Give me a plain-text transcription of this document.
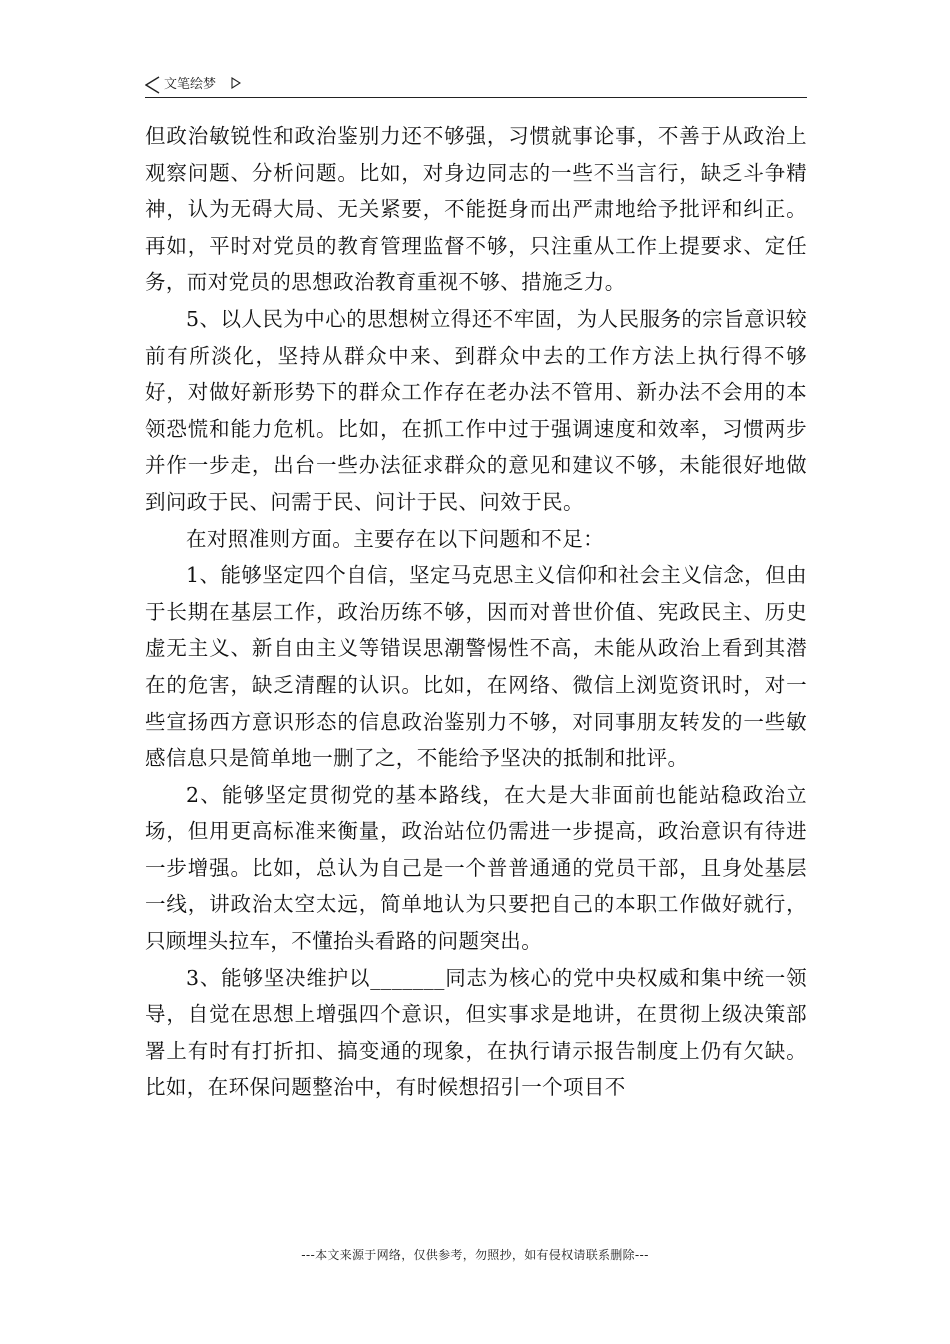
文笔绘梦

但政治敏锐性和政治鉴别力还不够强，习惯就事论事，不善于从政治上观察问题、分析问题。比如，对身边同志的一些不当言行，缺乏斗争精神，认为无碍大局、无关紧要，不能挺身而出严肃地给予批评和纠正。再如，平时对党员的教育管理监督不够，只注重从工作上提要求、定任务，而对党员的思想政治教育重视不够、措施乏力。

5、以人民为中心的思想树立得还不牢固，为人民服务的宗旨意识较前有所淡化，坚持从群众中来、到群众中去的工作方法上执行得不够好，对做好新形势下的群众工作存在老办法不管用、新办法不会用的本领恐慌和能力危机。比如，在抓工作中过于强调速度和效率，习惯两步并作一步走，出台一些办法征求群众的意见和建议不够，未能很好地做到问政于民、问需于民、问计于民、问效于民。

在对照准则方面。主要存在以下问题和不足：

1、能够坚定四个自信，坚定马克思主义信仰和社会主义信念，但由于长期在基层工作，政治历练不够，因而对普世价值、宪政民主、历史虚无主义、新自由主义等错误思潮警惕性不高，未能从政治上看到其潜在的危害，缺乏清醒的认识。比如，在网络、微信上浏览资讯时，对一些宣扬西方意识形态的信息政治鉴别力不够，对同事朋友转发的一些敏感信息只是简单地一删了之，不能给予坚决的抵制和批评。

2、能够坚定贯彻党的基本路线，在大是大非面前也能站稳政治立场，但用更高标准来衡量，政治站位仍需进一步提高，政治意识有待进一步增强。比如，总认为自己是一个普普通通的党员干部，且身处基层一线，讲政治太空太远，简单地认为只要把自己的本职工作做好就行，只顾埋头拉车，不懂抬头看路的问题突出。

3、能够坚决维护以_______同志为核心的党中央权威和集中统一领导，自觉在思想上增强四个意识，但实事求是地讲，在贯彻上级决策部署上有时有打折扣、搞变通的现象，在执行请示报告制度上仍有欠缺。比如，在环保问题整治中，有时候想招引一个项目不

---本文来源于网络，仅供参考，勿照抄，如有侵权请联系删除---
